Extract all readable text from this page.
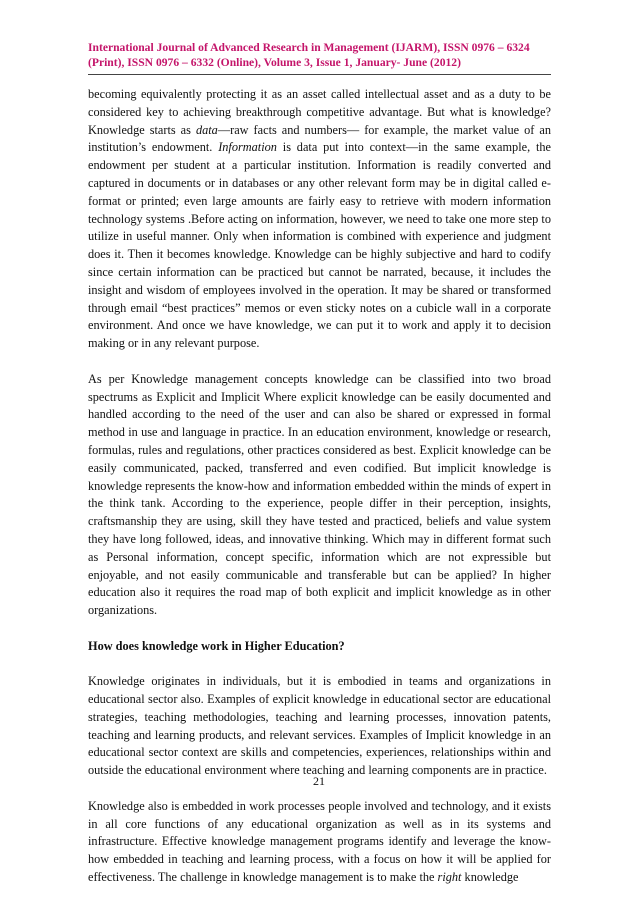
International Journal of Advanced Research in Management (IJARM), ISSN 0976 – 6324
(Print), ISSN 0976 – 6332 (Online), Volume 3, Issue 1, January- June (2012)

becoming equivalently protecting it as an asset called intellectual asset and as a duty to be considered key to achieving breakthrough competitive advantage. But what is knowledge? Knowledge starts as data—raw facts and numbers— for example, the market value of an institution’s endowment. Information is data put into context—in the same example, the endowment per student at a particular institution. Information is readily converted and captured in documents or in databases or any other relevant form may be in digital called e-format or printed; even large amounts are fairly easy to retrieve with modern information technology systems .Before acting on information, however, we need to take one more step to utilize in useful manner. Only when information is combined with experience and judgment does it. Then it becomes knowledge. Knowledge can be highly subjective and hard to codify since certain information can be practiced but cannot be narrated, because, it includes the insight and wisdom of employees involved in the operation. It may be shared or transformed through email “best practices” memos or even sticky notes on a cubicle wall in a corporate environment. And once we have knowledge, we can put it to work and apply it to decision making or in any relevant purpose.

As per Knowledge management concepts knowledge can be classified into two broad spectrums as Explicit and Implicit Where explicit knowledge can be easily documented and handled according to the need of the user and can also be shared or expressed in formal method in use and language in practice. In an education environment, knowledge or research, formulas, rules and regulations, other practices considered as best. Explicit knowledge can be easily communicated, packed, transferred and even codified. But implicit knowledge is knowledge represents the know-how and information embedded within the minds of expert in the think tank. According to the experience, people differ in their perception, insights, craftsmanship they are using, skill they have tested and practiced, beliefs and value system they have long followed, ideas, and innovative thinking. Which may in different format such as Personal information, concept specific, information which are not expressible but enjoyable, and not easily communicable and transferable but can be applied? In higher education also it requires the road map of both explicit and implicit knowledge as in other organizations.

How does knowledge work in Higher Education?

Knowledge originates in individuals, but it is embodied in teams and organizations in educational sector also. Examples of explicit knowledge in educational sector are educational strategies, teaching methodologies, teaching and learning processes, innovation patents, teaching and learning products, and relevant services. Examples of Implicit knowledge in an educational sector context are skills and competencies, experiences, relationships within and outside the educational environment where teaching and learning components are in practice.

Knowledge also is embedded in work processes people involved and technology, and it exists in all core functions of any educational organization as well as in its systems and infrastructure. Effective knowledge management programs identify and leverage the know-how embedded in teaching and learning process, with a focus on how it will be applied for effectiveness. The challenge in knowledge management is to make the right knowledge

21
